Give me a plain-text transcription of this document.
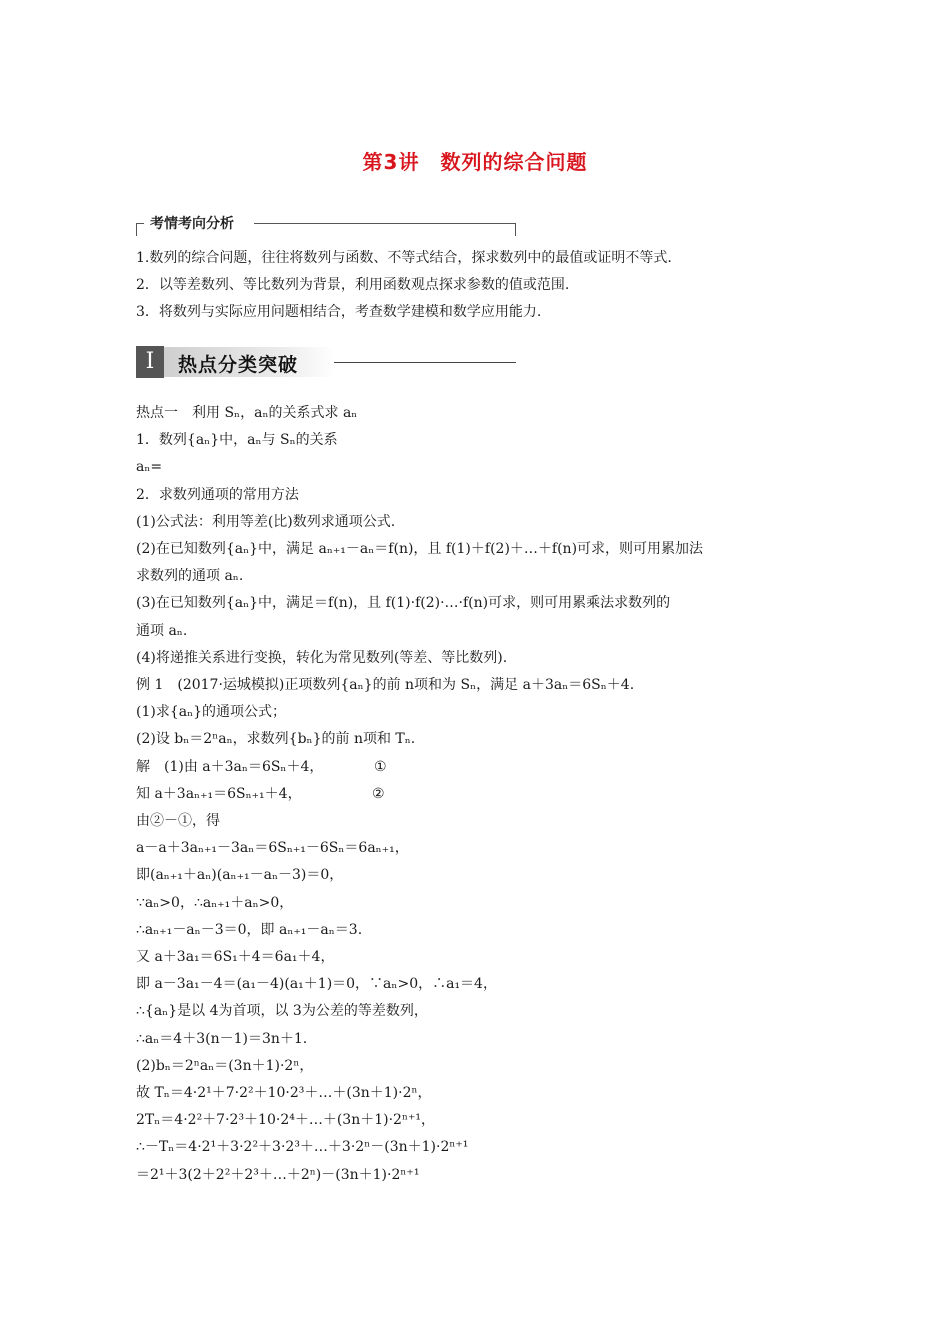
第3讲　数列的综合问题
考情考向分析
1.数列的综合问题，往往将数列与函数、不等式结合，探求数列中的最值或证明不等式.
2．以等差数列、等比数列为背景，利用函数观点探求参数的值或范围.
3．将数列与实际应用问题相结合，考查数学建模和数学应用能力.
I	热点分类突破
热点一　利用 Sₙ，aₙ的关系式求 aₙ
1．数列{aₙ}中，aₙ与 Sₙ的关系
aₙ=
2．求数列通项的常用方法
(1)公式法：利用等差(比)数列求通项公式.
(2)在已知数列{aₙ}中，满足 aₙ₊₁－aₙ＝f(n)，且 f(1)＋f(2)＋…＋f(n)可求，则可用累加法
求数列的通项 aₙ.
(3)在已知数列{aₙ}中，满足＝f(n)，且 f(1)·f(2)·…·f(n)可求，则可用累乘法求数列的
通项 aₙ.
(4)将递推关系进行变换，转化为常见数列(等差、等比数列).
例 1　(2017·运城模拟)正项数列{aₙ}的前 n项和为 Sₙ，满足 a＋3aₙ＝6Sₙ＋4.
(1)求{aₙ}的通项公式；
(2)设 bₙ＝2ⁿaₙ，求数列{bₙ}的前 n项和 Tₙ.
解　(1)由 a＋3aₙ＝6Sₙ＋4，	①
知 a＋3aₙ₊₁＝6Sₙ₊₁＋4，	②
由②－①，得
a－a＋3aₙ₊₁－3aₙ＝6Sₙ₊₁－6Sₙ＝6aₙ₊₁，
即(aₙ₊₁＋aₙ)(aₙ₊₁－aₙ－3)＝0，
∵aₙ>0，∴aₙ₊₁＋aₙ>0，
∴aₙ₊₁－aₙ－3＝0，即 aₙ₊₁－aₙ＝3.
又 a＋3a₁＝6S₁＋4＝6a₁＋4，
即 a－3a₁－4＝(a₁－4)(a₁＋1)＝0，∵aₙ>0，∴a₁＝4，
∴{aₙ}是以 4为首项，以 3为公差的等差数列，
∴aₙ＝4＋3(n－1)＝3n＋1.
(2)bₙ＝2ⁿaₙ＝(3n＋1)·2ⁿ，
故 Tₙ＝4·2¹＋7·2²＋10·2³＋…＋(3n＋1)·2ⁿ，
2Tₙ＝4·2²＋7·2³＋10·2⁴＋…＋(3n＋1)·2ⁿ⁺¹，
∴－Tₙ＝4·2¹＋3·2²＋3·2³＋…＋3·2ⁿ－(3n＋1)·2ⁿ⁺¹
＝2¹＋3(2＋2²＋2³＋…＋2ⁿ)－(3n＋1)·2ⁿ⁺¹
